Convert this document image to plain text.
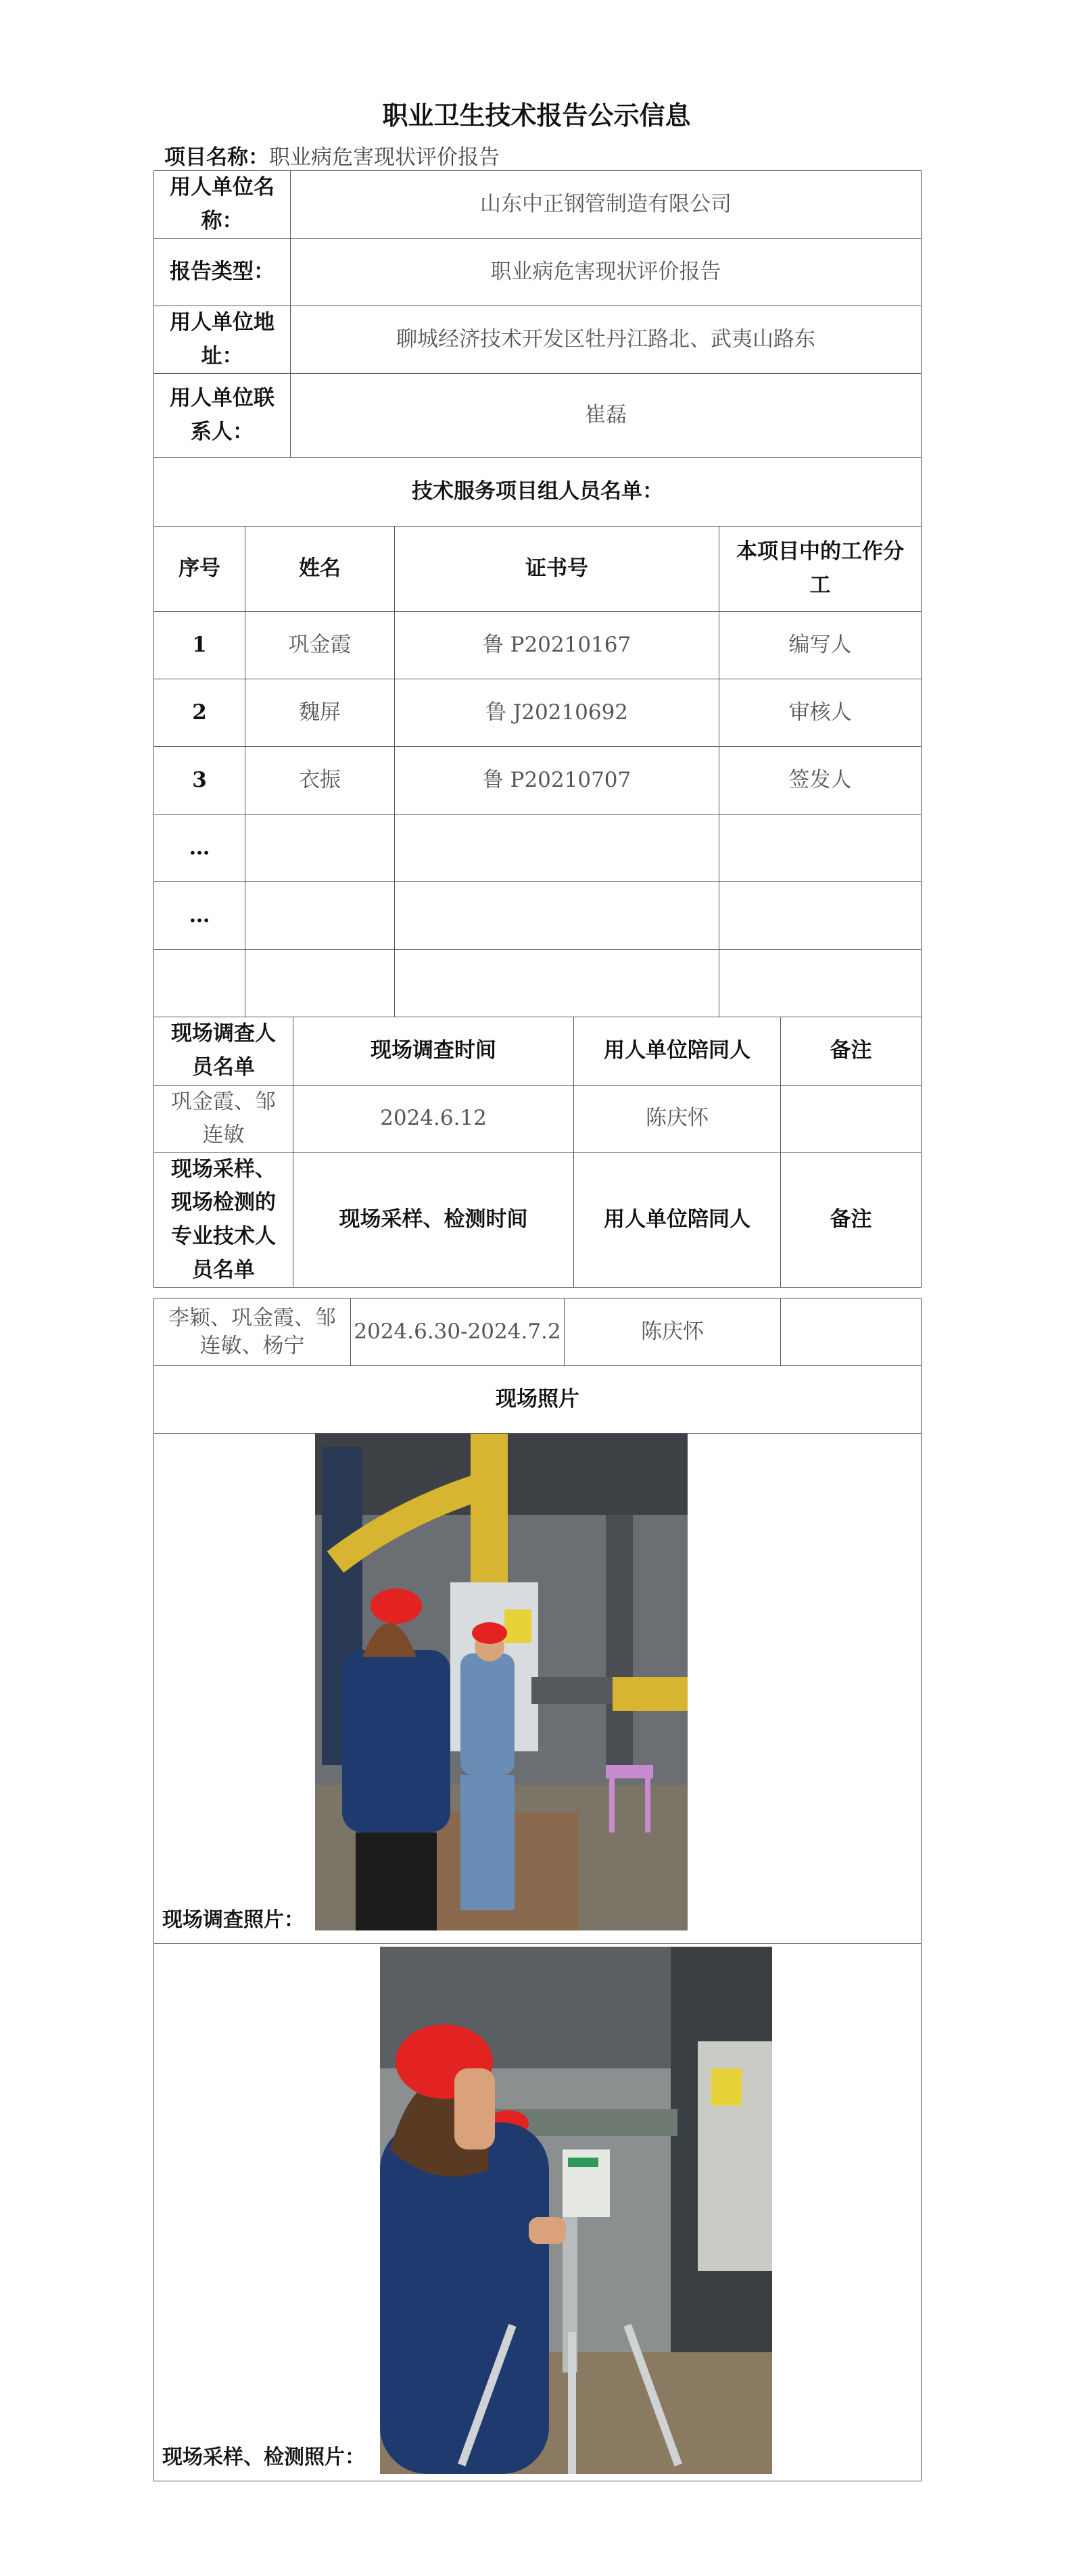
职业卫生技术报告公示信息
项目名称：职业病危害现状评价报告
用人单位名称：		山东中正钢管制造有限公司					
报告类型：		职业病危害现状评价报告					
用人单位地址：		聊城经济技术开发区牡丹江路北、武夷山路东					
用人单位联系人：		崔磊					
技术服务项目组人员名单：							
序号	姓名			证书号		本项目中的工作分工	
1	巩金霞			鲁 P20210167		编写人	
2	魏屏			鲁 J20210692		审核人	
3	衣振			鲁 P20210707		签发人	
…							
…							

现场调查人员名单			现场调查时间		用人单位陪同人		备注
巩金霞、邹连敏			2024.6.12		陈庆怀		
现场采样、现场检测的专业技术人员名单			现场采样、检测时间		用人单位陪同人		备注
李颖、巩金霞、邹连敏、杨宁	2024.6.30-2024.7.2	陈庆怀	
现场照片

现场调查照片：

现场采样、检测照片：
